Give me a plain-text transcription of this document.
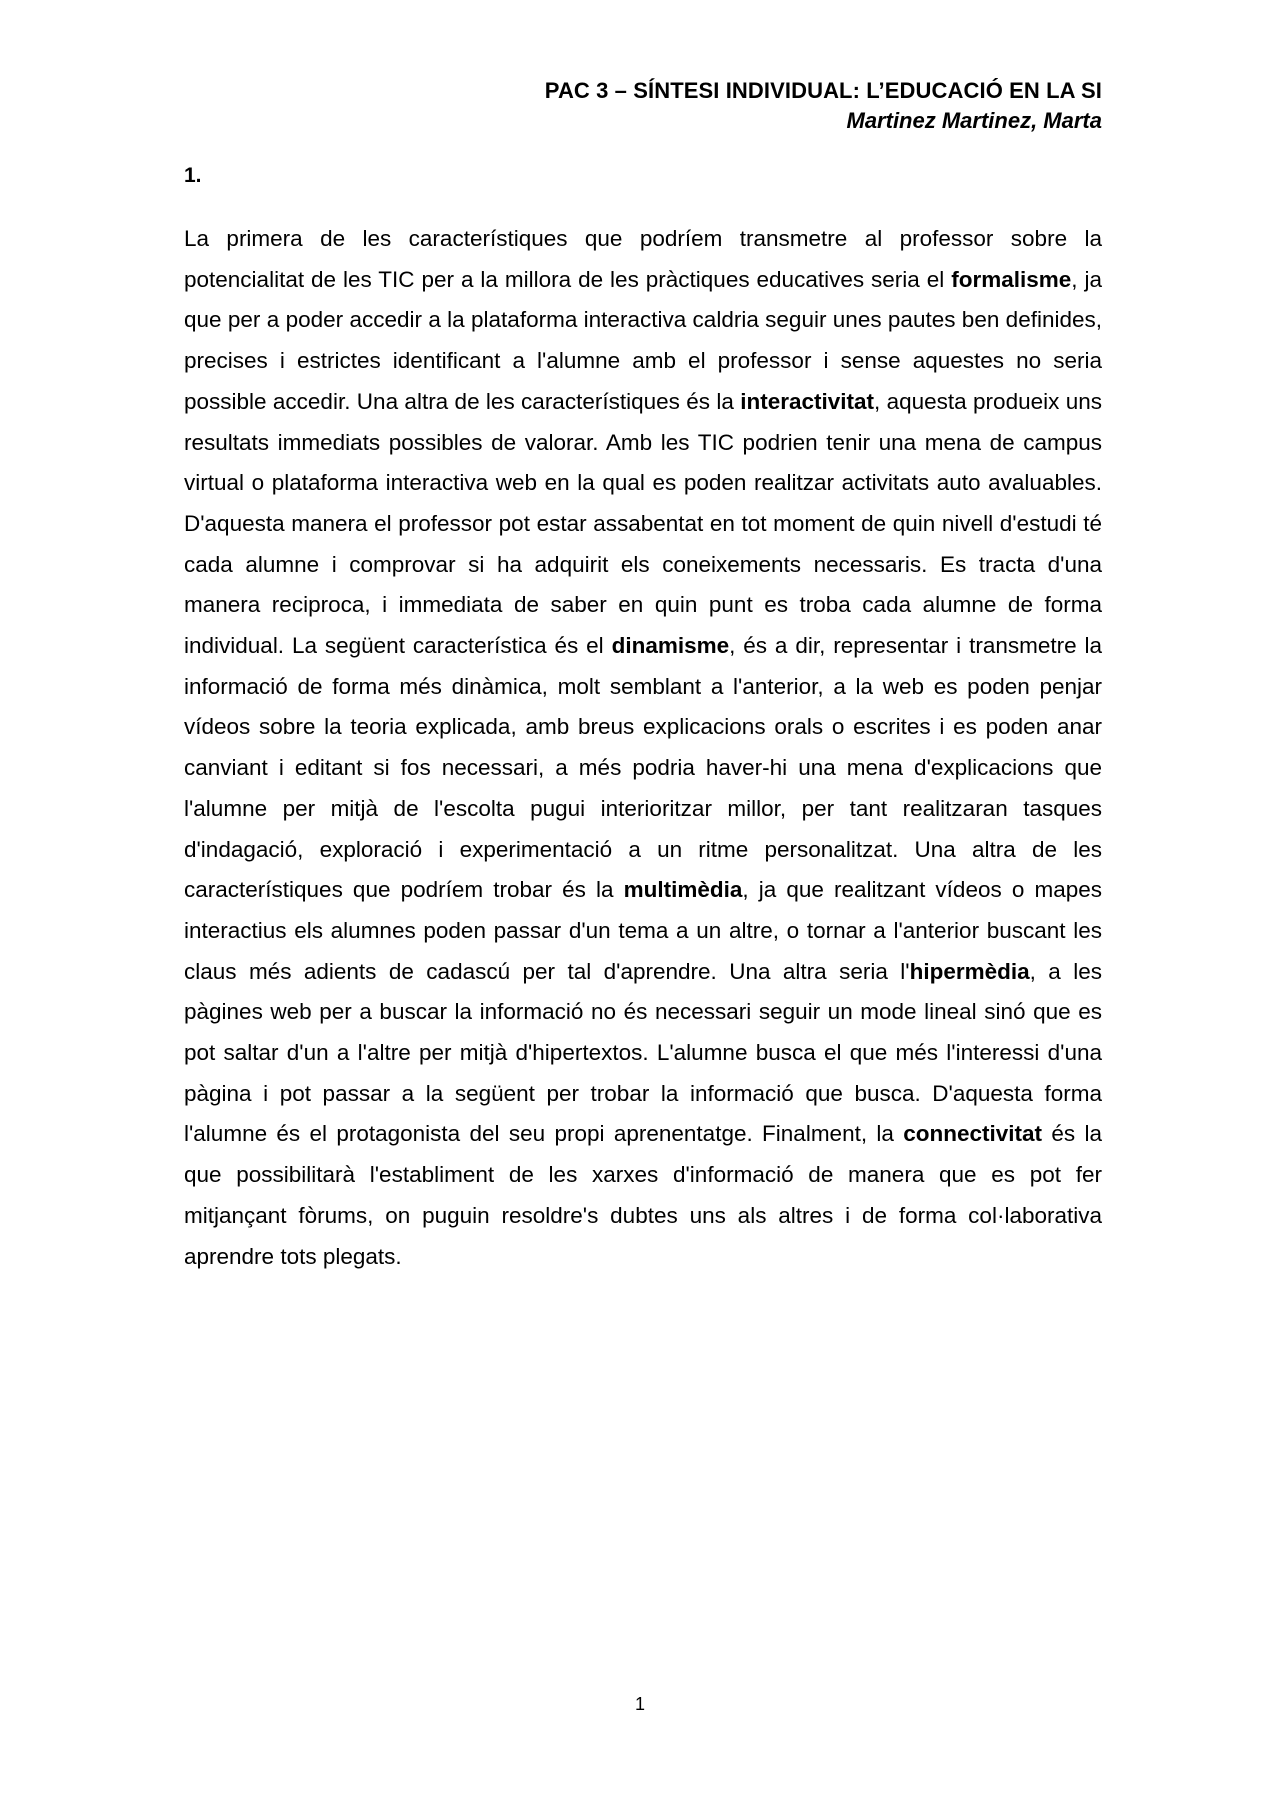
PAC 3 – SÍNTESI INDIVIDUAL: L’EDUCACIÓ EN LA SI
Martinez Martinez, Marta
1.

La primera de les característiques que podríem transmetre al professor sobre la potencialitat de les TIC per a la millora de les pràctiques educatives seria el formalisme, ja que per a poder accedir a la plataforma interactiva caldria seguir unes pautes ben definides, precises i estrictes identificant a l'alumne amb el professor i sense aquestes no seria possible accedir. Una altra de les característiques és la interactivitat, aquesta produeix uns resultats immediats possibles de valorar. Amb les TIC podrien tenir una mena de campus virtual o plataforma interactiva web en la qual es poden realitzar activitats auto avaluables. D'aquesta manera el professor pot estar assabentat en tot moment de quin nivell d'estudi té cada alumne i comprovar si ha adquirit els coneixements necessaris. Es tracta d'una manera reciproca, i immediata de saber en quin punt es troba cada alumne de forma individual. La següent característica és el dinamisme, és a dir, representar i transmetre la informació de forma més dinàmica, molt semblant a l'anterior, a la web es poden penjar vídeos sobre la teoria explicada, amb breus explicacions orals o escrites i es poden anar canviant i editant si fos necessari, a més podria haver-hi una mena d'explicacions que l'alumne per mitjà de l'escolta pugui interioritzar millor, per tant realitzaran tasques d'indagació, exploració i experimentació a un ritme personalitzat. Una altra de les característiques que podríem trobar és la multimèdia, ja que realitzant vídeos o mapes interactius els alumnes poden passar d'un tema a un altre, o tornar a l'anterior buscant les claus més adients de cadascú per tal d'aprendre. Una altra seria l'hipermèdia, a les pàgines web per a buscar la informació no és necessari seguir un mode lineal sinó que es pot saltar d'un a l'altre per mitjà d'hipertextos. L'alumne busca el que més l'interessi d'una pàgina i pot passar a la següent per trobar la informació que busca. D'aquesta forma l'alumne és el protagonista del seu propi aprenentatge. Finalment, la connectivitat és la que possibilitarà l'establiment de les xarxes d'informació de manera que es pot fer mitjançant fòrums, on puguin resoldre's dubtes uns als altres i de forma col·laborativa aprendre tots plegats.

1
